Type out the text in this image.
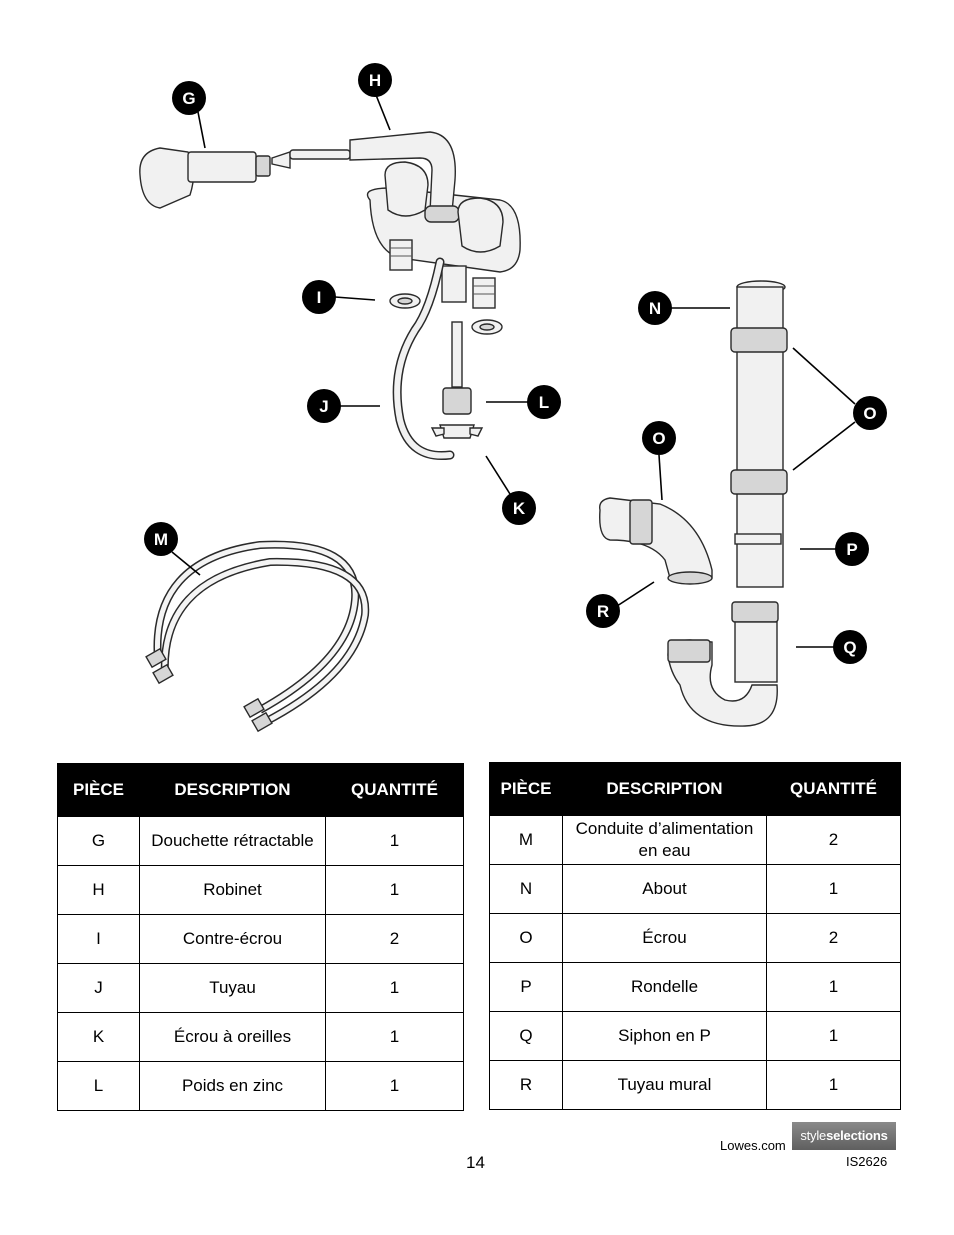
G
H
I
J	L
K
M
N
O
O
P
R
Q
PIÈCE	DESCRIPTION	QUANTITÉ
G	Douchette rétractable	1
H	Robinet	1
I	Contre-écrou	2
J	Tuyau	1
K	Écrou à oreilles	1
L	Poids en zinc	1
PIÈCE	DESCRIPTION	QUANTITÉ
M	Conduite d’alimentation en eau	2
N	About	1
O	Écrou	2
P	Rondelle	1
Q	Siphon en P	1
R	Tuyau mural	1
14
Lowes.com
styleselections
IS2626
